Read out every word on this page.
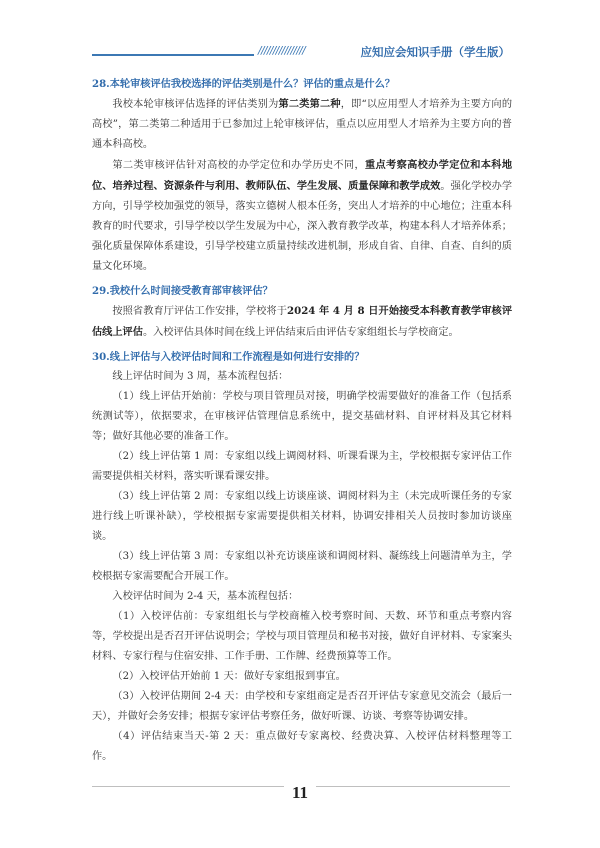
////////////////	应知应会知识手册（学生版）

28.本轮审核评估我校选择的评估类别是什么？评估的重点是什么？

我校本轮审核评估选择的评估类别为第二类第二种，即“以应用型人才培养为主要方向的高校”，第二类第二种适用于已参加过上轮审核评估，重点以应用型人才培养为主要方向的普通本科高校。

第二类审核评估针对高校的办学定位和办学历史不同，重点考察高校办学定位和本科地位、培养过程、资源条件与利用、教师队伍、学生发展、质量保障和教学成效。强化学校办学方向，引导学校加强党的领导，落实立德树人根本任务，突出人才培养的中心地位；注重本科教育的时代要求，引导学校以学生发展为中心，深入教育教学改革，构建本科人才培养体系；强化质量保障体系建设，引导学校建立质量持续改进机制，形成自省、自律、自查、自纠的质量文化环境。

29.我校什么时间接受教育部审核评估？

按照省教育厅评估工作安排，学校将于2024 年 4 月 8 日开始接受本科教育教学审核评估线上评估。入校评估具体时间在线上评估结束后由评估专家组组长与学校商定。

30.线上评估与入校评估时间和工作流程是如何进行安排的？

线上评估时间为 3 周，基本流程包括：

（1）线上评估开始前：学校与项目管理员对接，明确学校需要做好的准备工作（包括系统测试等），依据要求，在审核评估管理信息系统中，提交基础材料、自评材料及其它材料等；做好其他必要的准备工作。

（2）线上评估第 1 周：专家组以线上调阅材料、听课看课为主，学校根据专家评估工作需要提供相关材料，落实听课看课安排。

（3）线上评估第 2 周：专家组以线上访谈座谈、调阅材料为主（未完成听课任务的专家进行线上听课补缺），学校根据专家需要提供相关材料，协调安排相关人员按时参加访谈座谈。

（3）线上评估第 3 周：专家组以补充访谈座谈和调阅材料、凝练线上问题清单为主，学校根据专家需要配合开展工作。

入校评估时间为 2-4 天，基本流程包括：

（1）入校评估前：专家组组长与学校商榷入校考察时间、天数、环节和重点考察内容等，学校提出是否召开评估说明会；学校与项目管理员和秘书对接，做好自评材料、专家案头材料、专家行程与住宿安排、工作手册、工作牌、经费预算等工作。

（2）入校评估开始前 1 天：做好专家组报到事宜。

（3）入校评估期间 2-4 天：由学校和专家组商定是否召开评估专家意见交流会（最后一天），并做好会务安排；根据专家评估考察任务，做好听课、访谈、考察等协调安排。

（4）评估结束当天-第 2 天：重点做好专家离校、经费决算、入校评估材料整理等工作。

11
